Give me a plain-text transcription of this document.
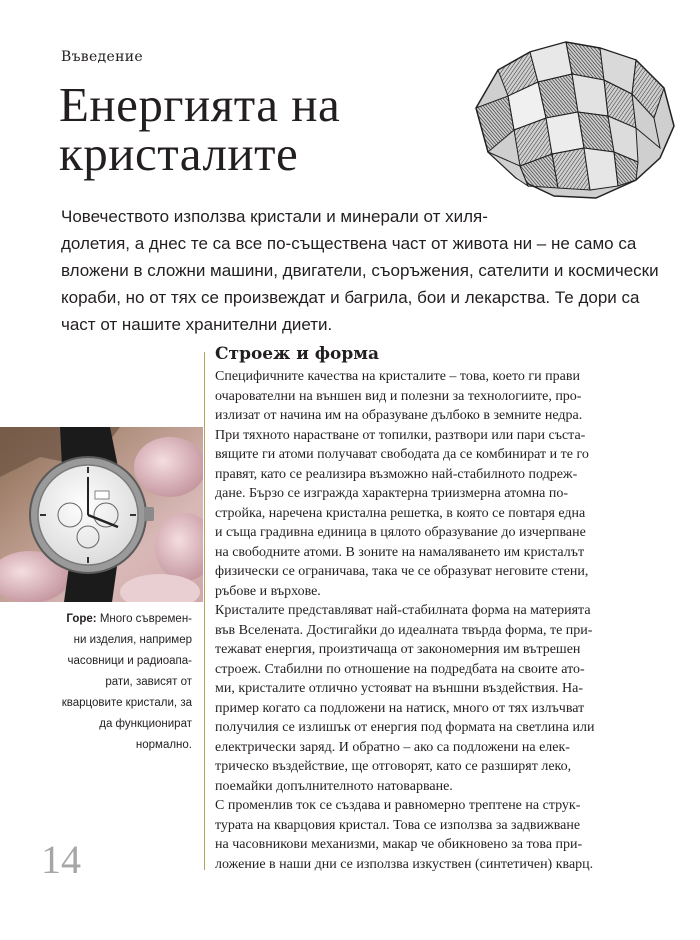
Въведение
Енергията на
кристалите

Човечеството използва кристали и минерали от хиля-
долетия, а днес те са все по-съществена част от живота ни – не само са
вложени в сложни машини, двигатели, съоръжения, сателити и космически
кораби, но от тях се произвеждат и багрила, бои и лекарства. Те дори са
част от нашите хранителни диети.

Горе: Много съвремен-
ни изделия, например
часовници и радиоапа-
рати, зависят от
кварцовите кристали, за
да функционират
нормално.
Строеж и форма
Специфичните качества на кристалите – това, което ги прави
очарователни на външен вид и полезни за технологиите, про-
излизат от начина им на образуване дълбоко в земните недра.
При тяхното нарастване от топилки, разтвори или пари съста-
вящите ги атоми получават свободата да се комбинират и те го
правят, като се реализира възможно най-стабилното подреж-
дане. Бързо се изгражда характерна триизмерна атомна по-
стройка, наречена кристална решетка, в която се повтаря една
и съща градивна единица в цялото образувание до изчерпване
на свободните атоми. В зоните на намаляването им кристалът
физически се ограничава, така че се образуват неговите стени,
ръбове и върхове.
Кристалите представляват най-стабилната форма на материята
във Вселената. Достигайки до идеалната твърда форма, те при-
тежават енергия, произтичаща от закономерния им вътрешен
строеж. Стабилни по отношение на подредбата на своите ато-
ми, кристалите отлично устояват на външни въздействия. На-
пример когато са подложени на натиск, много от тях излъчват
получилия се излишък от енергия под формата на светлина или
електрически заряд. И обратно – ако са подложени на елек-
трическо въздействие, ще отговорят, като се разширят леко,
поемайки допълнителното натоварване.
С променлив ток се създава и равномерно трептене на струк-
турата на кварцовия кристал. Това се използва за задвижване
на часовникови механизми, макар че обикновено за това при-
ложение в наши дни се използва изкуствен (синтетичен) кварц.
14
